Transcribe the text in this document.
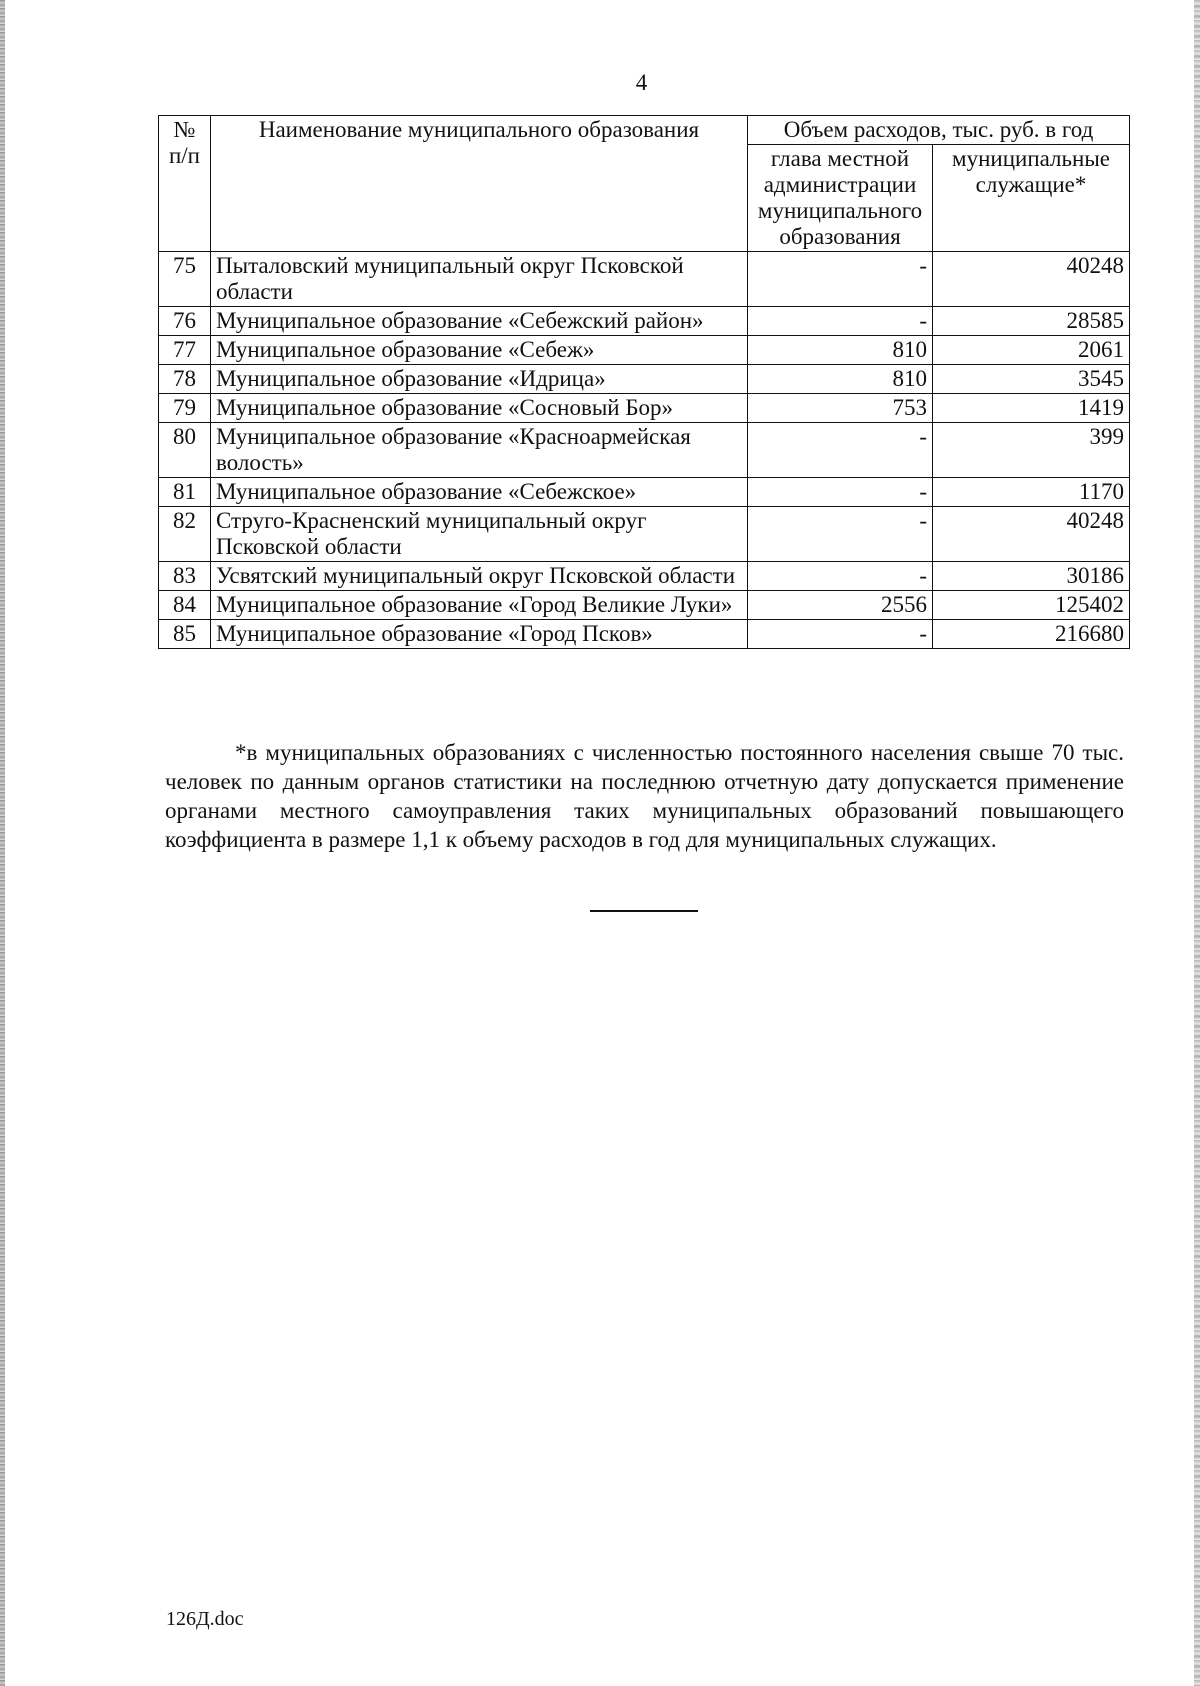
4
№ п/п	Наименование муниципального образования	Объем расходов, тыс. руб. в год	
		глава местной администрации муниципального образования	муниципальные служащие*
75	Пыталовский муниципальный округ Псковской области	-	40248
76	Муниципальное образование «Себежский район»	-	28585
77	Муниципальное образование «Себеж»	810	2061
78	Муниципальное образование «Идрица»	810	3545
79	Муниципальное образование «Сосновый Бор»	753	1419
80	Муниципальное образование «Красноармейская волость»	-	399
81	Муниципальное образование «Себежское»	-	1170
82	Струго-Красненский муниципальный округ Псковской области	-	40248
83	Усвятский муниципальный округ Псковской области	-	30186
84	Муниципальное образование «Город Великие Луки»	2556	125402
85	Муниципальное образование «Город Псков»	-	216680
*в муниципальных образованиях с численностью постоянного населения свыше 70 тыс. человек по данным органов статистики на последнюю отчетную дату допускается применение органами местного самоуправления таких муниципальных образований повышающего коэффициента в размере 1,1 к объему расходов в год для муниципальных служащих.
126Д.doc
